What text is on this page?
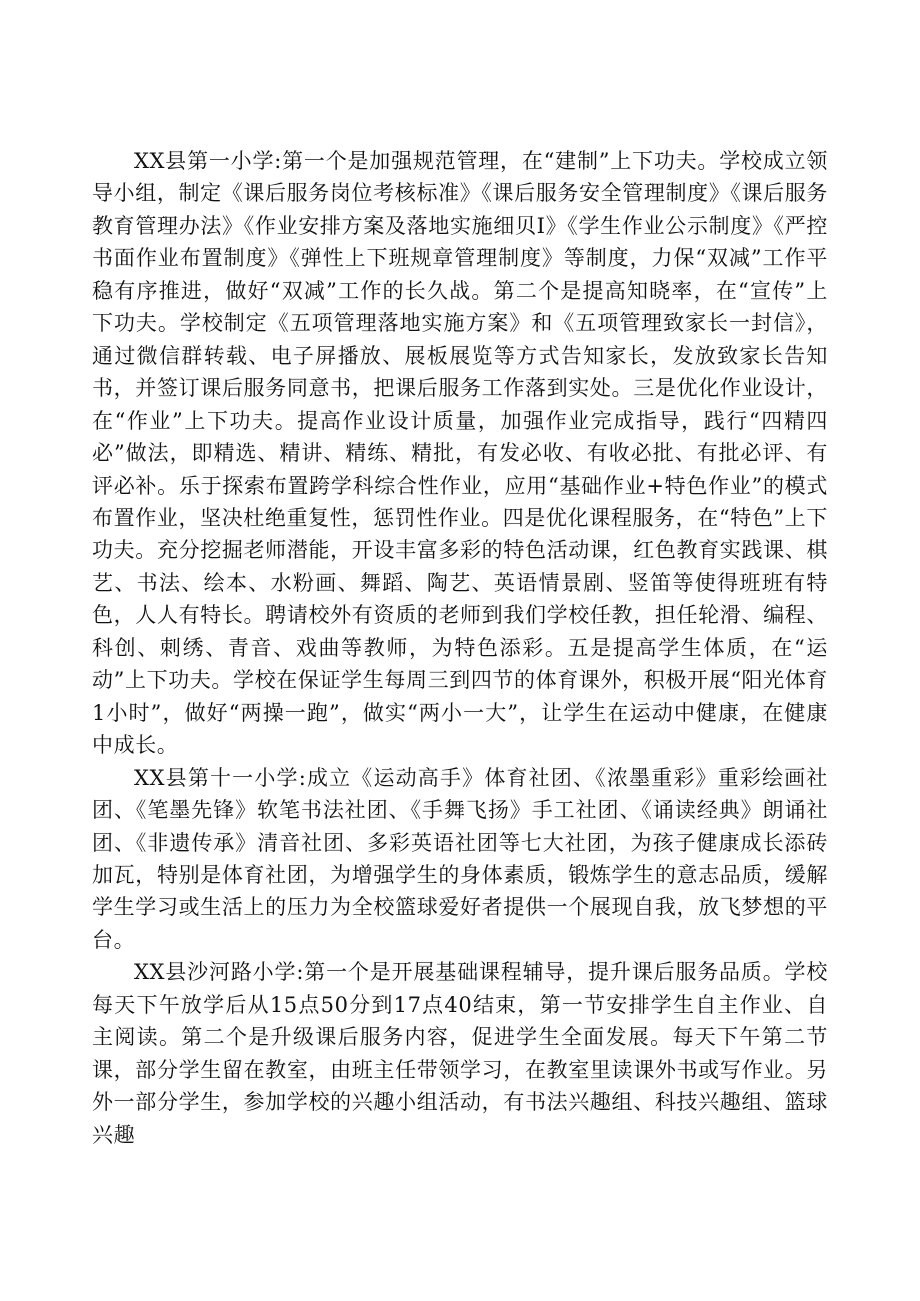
XX县第一小学:第一个是加强规范管理，在“建制”上下功夫。学校成立领导小组，制定《课后服务岗位考核标准》《课后服务安全管理制度》《课后服务教育管理办法》《作业安排方案及落地实施细贝I》《学生作业公示制度》《严控书面作业布置制度》《弹性上下班规章管理制度》等制度，力保“双减”工作平稳有序推进，做好“双减”工作的长久战。第二个是提高知晓率，在“宣传”上下功夫。学校制定《五项管理落地实施方案》和《五项管理致家长一封信》，通过微信群转载、电子屏播放、展板展览等方式告知家长，发放致家长告知书，并签订课后服务同意书，把课后服务工作落到实处。三是优化作业设计，在“作业”上下功夫。提高作业设计质量，加强作业完成指导，践行“四精四必”做法，即精选、精讲、精练、精批，有发必收、有收必批、有批必评、有评必补。乐于探索布置跨学科综合性作业，应用“基础作业+特色作业”的模式布置作业，坚决杜绝重复性，惩罚性作业。四是优化课程服务，在“特色”上下功夫。充分挖掘老师潜能，开设丰富多彩的特色活动课，红色教育实践课、棋艺、书法、绘本、水粉画、舞蹈、陶艺、英语情景剧、竖笛等使得班班有特色，人人有特长。聘请校外有资质的老师到我们学校任教，担任轮滑、编程、科创、刺绣、青音、戏曲等教师，为特色添彩。五是提高学生体质，在“运动”上下功夫。学校在保证学生每周三到四节的体育课外，积极开展“阳光体育1小时”，做好“两操一跑”，做实“两小一大”，让学生在运动中健康，在健康中成长。

XX县第十一小学:成立《运动高手》体育社团、《浓墨重彩》重彩绘画社团、《笔墨先锋》软笔书法社团、《手舞飞扬》手工社团、《诵读经典》朗诵社团、《非遗传承》清音社团、多彩英语社团等七大社团，为孩子健康成长添砖加瓦，特别是体育社团，为增强学生的身体素质，锻炼学生的意志品质，缓解学生学习或生活上的压力为全校篮球爱好者提供一个展现自我，放飞梦想的平台。

XX县沙河路小学:第一个是开展基础课程辅导，提升课后服务品质。学校每天下午放学后从15点50分到17点40结束，第一节安排学生自主作业、自主阅读。第二个是升级课后服务内容，促进学生全面发展。每天下午第二节课，部分学生留在教室，由班主任带领学习，在教室里读课外书或写作业。另外一部分学生，参加学校的兴趣小组活动，有书法兴趣组、科技兴趣组、篮球兴趣
